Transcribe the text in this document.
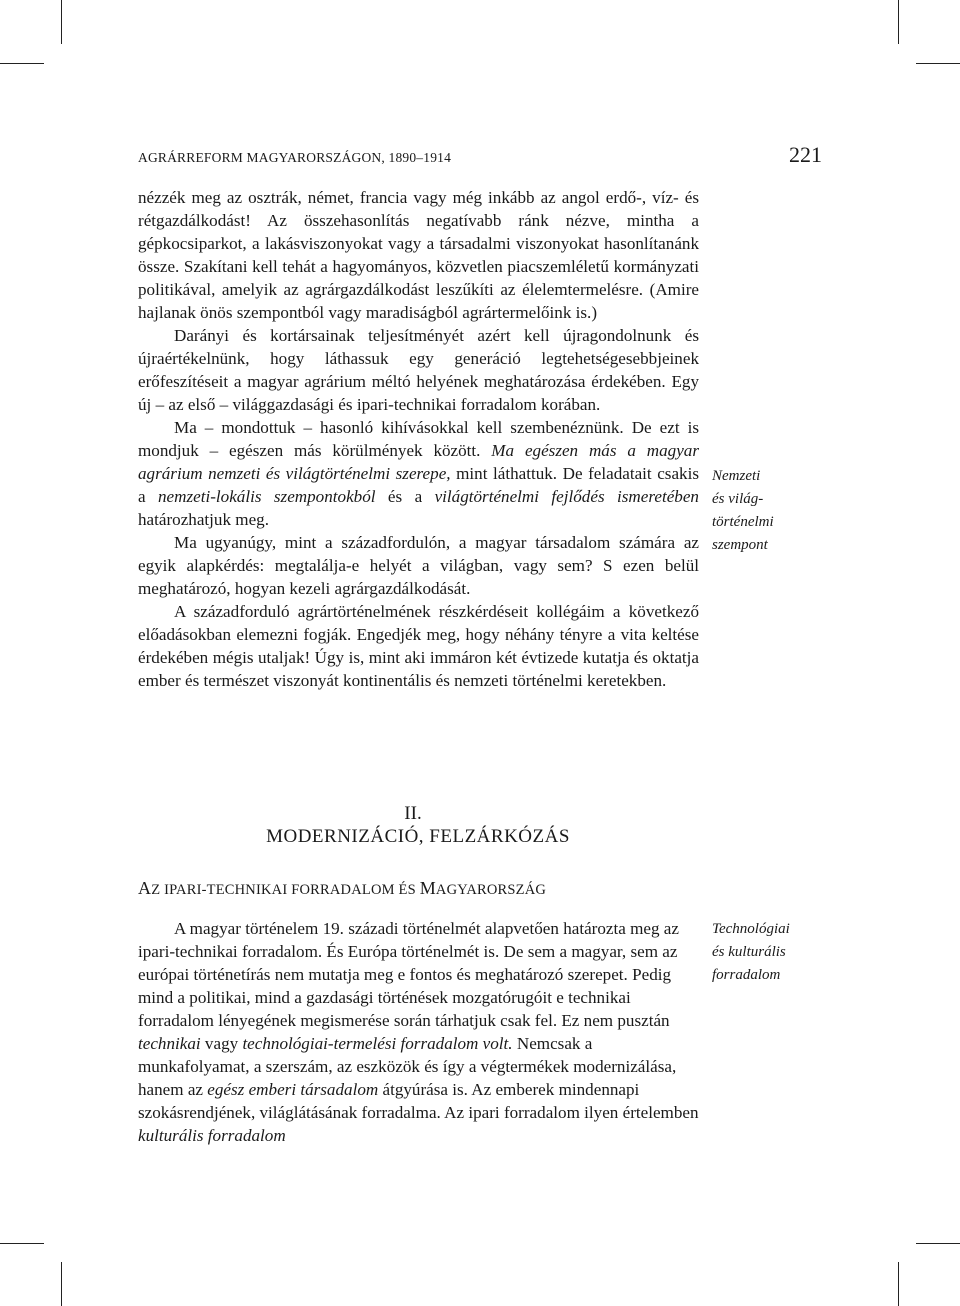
AGRÁRREFORM MAGYARORSZÁGON, 1890–1914	221

nézzék meg az osztrák, német, francia vagy még inkább az angol erdő-, víz- és rétgazdálkodást! Az összehasonlítás negatívabb ránk nézve, mintha a gépkocsiparkot, a lakásviszonyokat vagy a társadalmi viszonyokat hasonlítanánk össze. Szakítani kell tehát a hagyományos, közvetlen piacszemléletű kormányzati politikával, amelyik az agrárgazdálkodást leszűkíti az élelemtermelésre. (Amire hajlanak önös szempontból vagy maradiságból agrártermelőink is.)

Darányi és kortársainak teljesítményét azért kell újragondolnunk és újraértékelnünk, hogy láthassuk egy generáció legtehetségesebbjeinek erőfeszítéseit a magyar agrárium méltó helyének meghatározása érdekében. Egy új – az első – világgazdasági és ipari-technikai forradalom korában.

Ma – mondottuk – hasonló kihívásokkal kell szembenéznünk. De ezt is mondjuk – egészen más körülmények között. Ma egészen más a magyar agrárium nemzeti és világtörténelmi szerepe, mint láthattuk. De feladatait csakis a nemzeti-lokális szempontokból és a világtörténelmi fejlődés ismeretében határozhatjuk meg.

Ma ugyanúgy, mint a századfordulón, a magyar társadalom számára az egyik alapkérdés: megtalálja-e helyét a világban, vagy sem? S ezen belül meghatározó, hogyan kezeli agrárgazdálkodását.

A századforduló agrártörténelmének részkérdéseit kollégáim a következő előadásokban elemezni fogják. Engedjék meg, hogy néhány tényre a vita keltése érdekében mégis utaljak! Úgy is, mint aki immáron két évtizede kutatja és oktatja ember és természet viszonyát kontinentális és nemzeti történelmi keretekben.

Nemzeti
és világ-
történelmi
szempont
II.
MODERNIZÁCIÓ, FELZÁRKÓZÁS
AZ IPARI-TECHNIKAI FORRADALOM ÉS MAGYARORSZÁG

A magyar történelem 19. századi történelmét alapvetően határozta meg az ipari-technikai forradalom. És Európa történelmét is. De sem a magyar, sem az európai történetírás nem mutatja meg e fontos és meghatározó szerepet. Pedig mind a politikai, mind a gazdasági történések mozgatórugóit e technikai forradalom lényegének megismerése során tárhatjuk csak fel. Ez nem pusztán technikai vagy technológiai-termelési forradalom volt. Nemcsak a munkafolyamat, a szerszám, az eszközök és így a végtermékek modernizálása, hanem az egész emberi társadalom átgyúrása is. Az emberek mindennapi szokásrendjének, világlátásának forradalma. Az ipari forradalom ilyen értelemben kulturális forradalom

Technológiai
és kulturális
forradalom
